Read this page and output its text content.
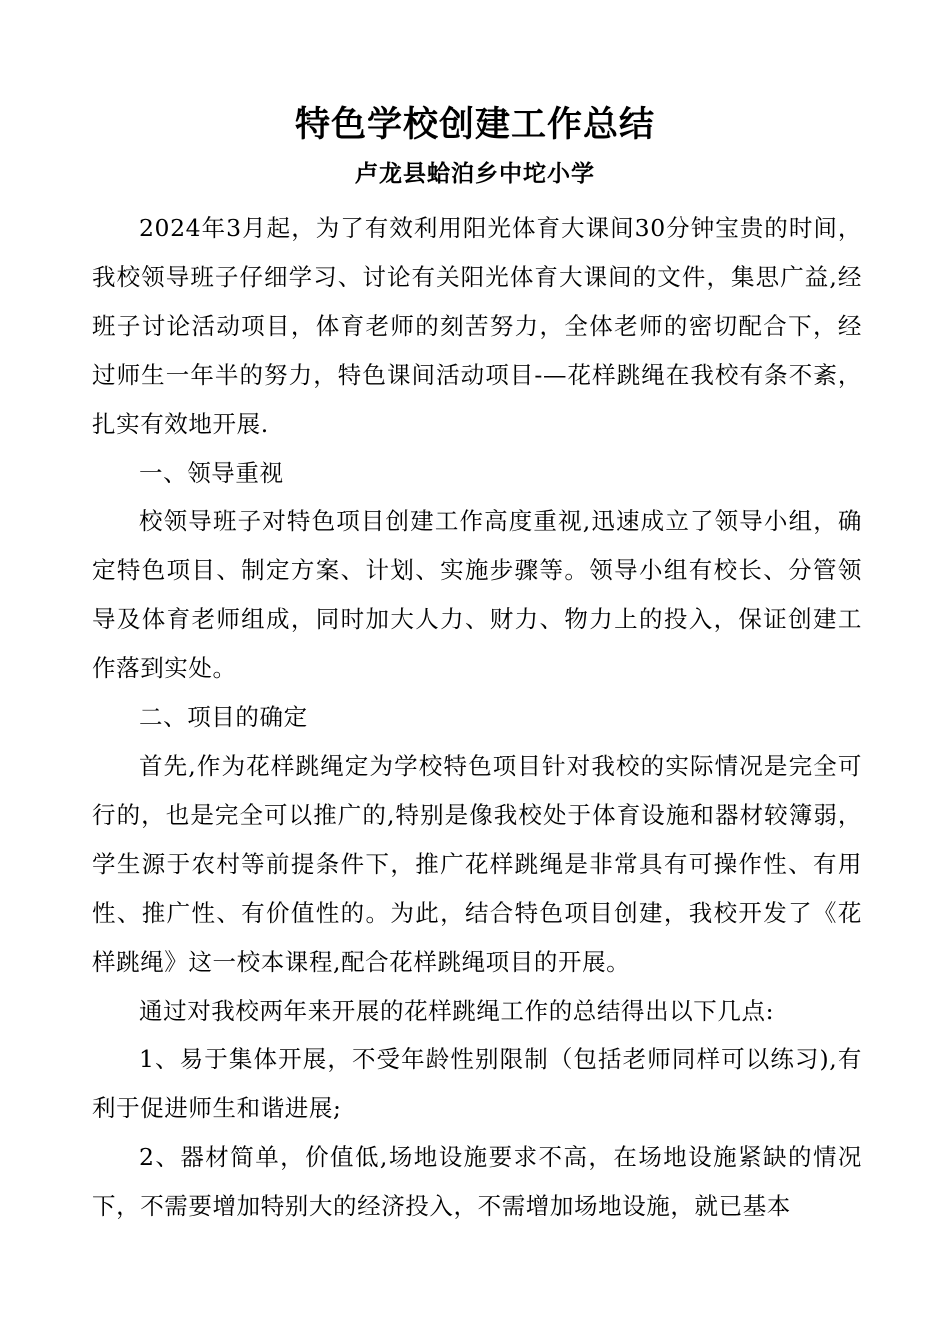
特色学校创建工作总结
卢龙县蛤泊乡中坨小学

2024年3月起，为了有效利用阳光体育大课间30分钟宝贵的时间，我校领导班子仔细学习、讨论有关阳光体育大课间的文件，集思广益,经班子讨论活动项目，体育老师的刻苦努力，全体老师的密切配合下，经过师生一年半的努力，特色课间活动项目-—花样跳绳在我校有条不紊，扎实有效地开展.

一、领导重视

校领导班子对特色项目创建工作高度重视,迅速成立了领导小组，确定特色项目、制定方案、计划、实施步骤等。领导小组有校长、分管领导及体育老师组成，同时加大人力、财力、物力上的投入，保证创建工作落到实处。

二、项目的确定

首先,作为花样跳绳定为学校特色项目针对我校的实际情况是完全可行的，也是完全可以推广的,特别是像我校处于体育设施和器材较簿弱，学生源于农村等前提条件下，推广花样跳绳是非常具有可操作性、有用性、推广性、有价值性的。为此，结合特色项目创建，我校开发了《花样跳绳》这一校本课程,配合花样跳绳项目的开展。

通过对我校两年来开展的花样跳绳工作的总结得出以下几点:

1、易于集体开展，不受年龄性别限制（包括老师同样可以练习),有利于促进师生和谐进展;

2、器材简单，价值低,场地设施要求不高，在场地设施紧缺的情况下，不需要增加特别大的经济投入，不需增加场地设施，就已基本
